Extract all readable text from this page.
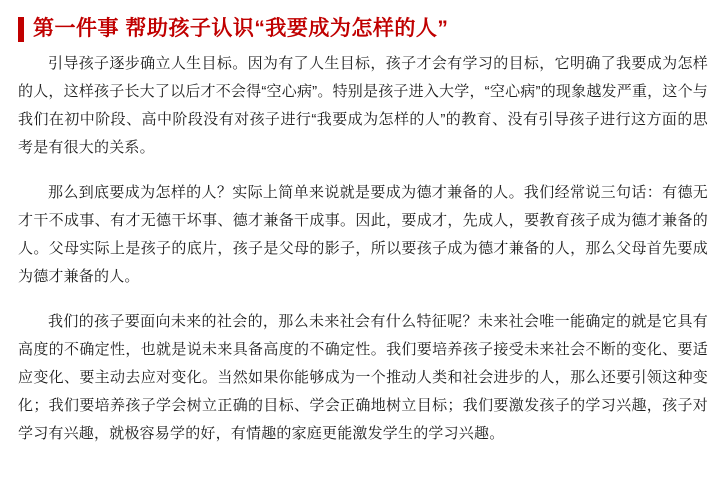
第一件事 帮助孩子认识“我要成为怎样的人”

引导孩子逐步确立人生目标。因为有了人生目标，孩子才会有学习的目标，它明确了我要成为怎样的人，这样孩子长大了以后才不会得“空心病”。特别是孩子进入大学，“空心病”的现象越发严重，这个与我们在初中阶段、高中阶段没有对孩子进行“我要成为怎样的人”的教育、没有引导孩子进行这方面的思考是有很大的关系。

那么到底要成为怎样的人？实际上简单来说就是要成为德才兼备的人。我们经常说三句话：有德无才干不成事、有才无德干坏事、德才兼备干成事。因此，要成才，先成人，要教育孩子成为德才兼备的人。父母实际上是孩子的底片，孩子是父母的影子，所以要孩子成为德才兼备的人，那么父母首先要成为德才兼备的人。

我们的孩子要面向未来的社会的，那么未来社会有什么特征呢？未来社会唯一能确定的就是它具有高度的不确定性，也就是说未来具备高度的不确定性。我们要培养孩子接受未来社会不断的变化、要适应变化、要主动去应对变化。当然如果你能够成为一个推动人类和社会进步的人，那么还要引领这种变化；我们要培养孩子学会树立正确的目标、学会正确地树立目标；我们要激发孩子的学习兴趣，孩子对学习有兴趣，就极容易学的好，有情趣的家庭更能激发学生的学习兴趣。
